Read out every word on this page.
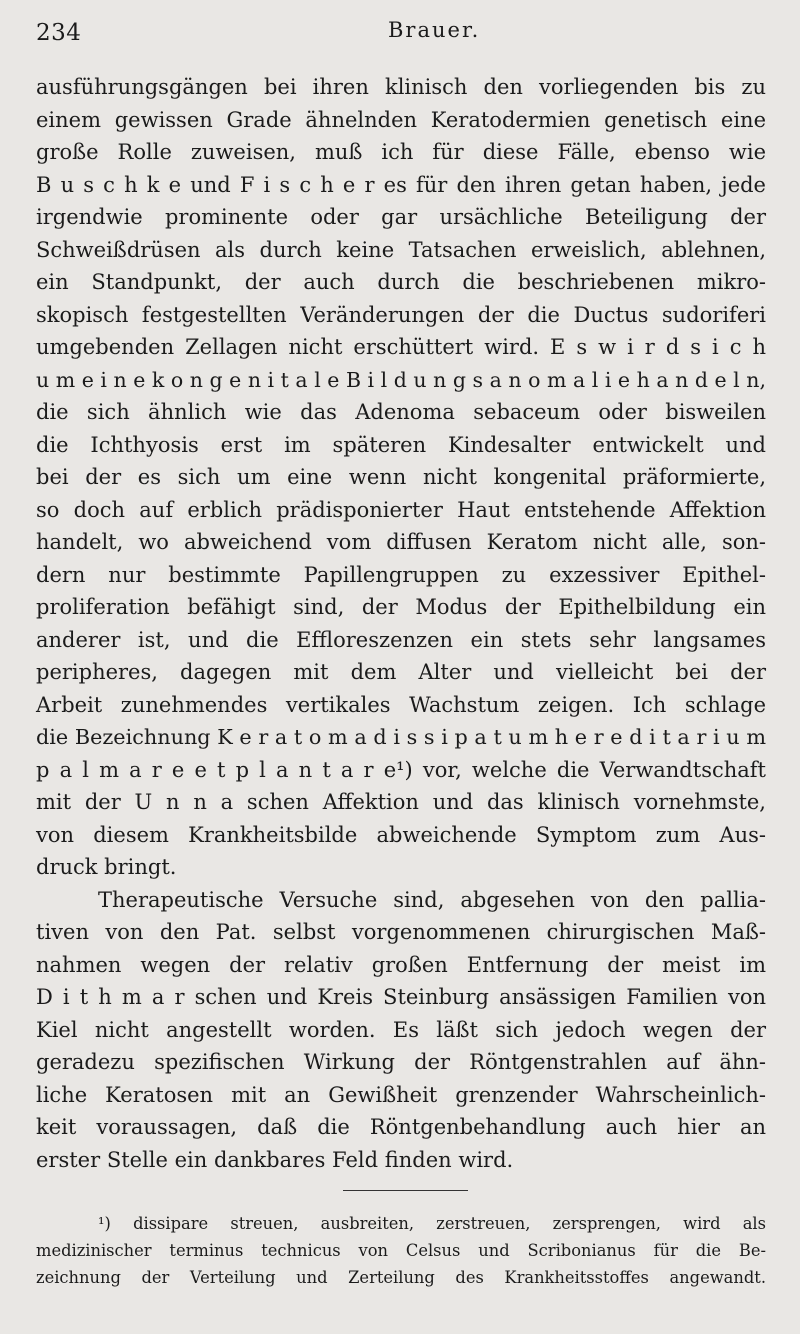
234	Brauer.
ausführungsgängen bei ihren klinisch den vorliegenden bis zu
einem gewissen Grade ähnelnden Keratodermien genetisch eine
große Rolle zuweisen, muß ich für diese Fälle, ebenso wie
B u s c h k e und F i s c h e r es für den ihren getan haben, jede
irgendwie prominente oder gar ursächliche Beteiligung der
Schweißdrüsen als durch keine Tatsachen erweislich, ablehnen,
ein Standpunkt, der auch durch die beschriebenen mikro-
skopisch festgestellten Veränderungen der die Ductus sudoriferi
umgebenden Zellagen nicht erschüttert wird. E s w i r d s i c h
u m e i n e k o n g e n i t a l e B i l d u n g s a n o m a l i e h a n d e l n,
die sich ähnlich wie das Adenoma sebaceum oder bisweilen
die Ichthyosis erst im späteren Kindesalter entwickelt und
bei der es sich um eine wenn nicht kongenital präformierte,
so doch auf erblich prädisponierter Haut entstehende Affektion
handelt, wo abweichend vom diffusen Keratom nicht alle, son-
dern nur bestimmte Papillengruppen zu exzessiver Epithel-
proliferation befähigt sind, der Modus der Epithelbildung ein
anderer ist, und die Effloreszenzen ein stets sehr langsames
peripheres, dagegen mit dem Alter und vielleicht bei der
Arbeit zunehmendes vertikales Wachstum zeigen. Ich schlage
die Bezeichnung K e r a t o m a d i s s i p a t u m h e r e d i t a r i u m
p a l m a r e e t p l a n t a r e¹) vor, welche die Verwandtschaft
mit der U n n a schen Affektion und das klinisch vornehmste,
von diesem Krankheitsbilde abweichende Symptom zum Aus-
druck bringt.
Therapeutische Versuche sind, abgesehen von den pallia-
tiven von den Pat. selbst vorgenommenen chirurgischen Maß-
nahmen wegen der relativ großen Entfernung der meist im
D i t h m a r schen und Kreis Steinburg ansässigen Familien von
Kiel nicht angestellt worden. Es läßt sich jedoch wegen der
geradezu spezifischen Wirkung der Röntgenstrahlen auf ähn-
liche Keratosen mit an Gewißheit grenzender Wahrscheinlich-
keit voraussagen, daß die Röntgenbehandlung auch hier an
erster Stelle ein dankbares Feld finden wird.
¹) dissipare streuen, ausbreiten, zerstreuen, zersprengen, wird als
medizinischer terminus technicus von Celsus und Scribonianus für die Be-
zeichnung der Verteilung und Zerteilung des Krankheitsstoffes angewandt.
